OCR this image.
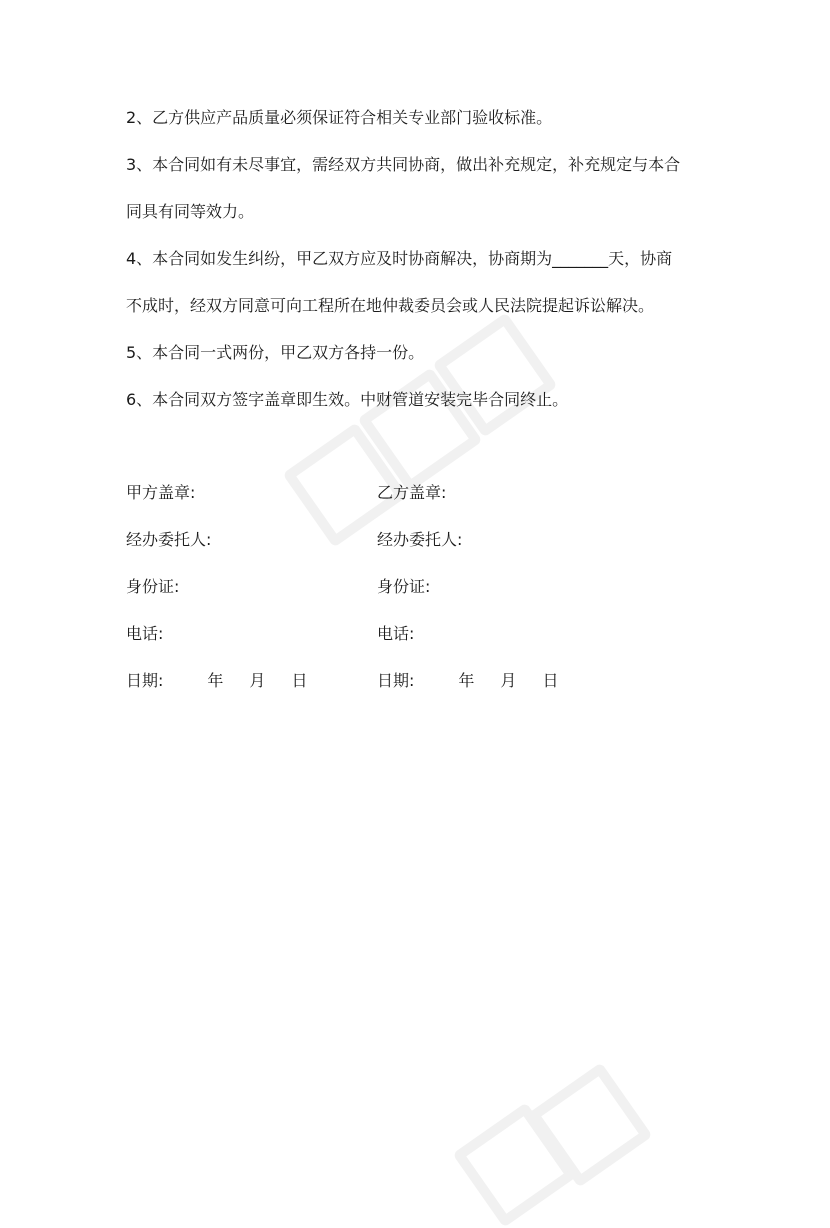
2、乙方供应产品质量必须保证符合相关专业部门验收标准。
3、本合同如有未尽事宜，需经双方共同协商，做出补充规定，补充规定与本合
同具有同等效力。
4、本合同如发生纠纷，甲乙双方应及时协商解决，协商期为_______天，协商
不成时，经双方同意可向工程所在地仲裁委员会或人民法院提起诉讼解决。
5、本合同一式两份，甲乙双方各持一份。
6、本合同双方签字盖章即生效。中财管道安装完毕合同终止。
甲方盖章:
经办委托人:
身份证:
电话:
日期:	年 月 日
乙方盖章:
经办委托人:
身份证:
电话:
日期:	年 月 日
